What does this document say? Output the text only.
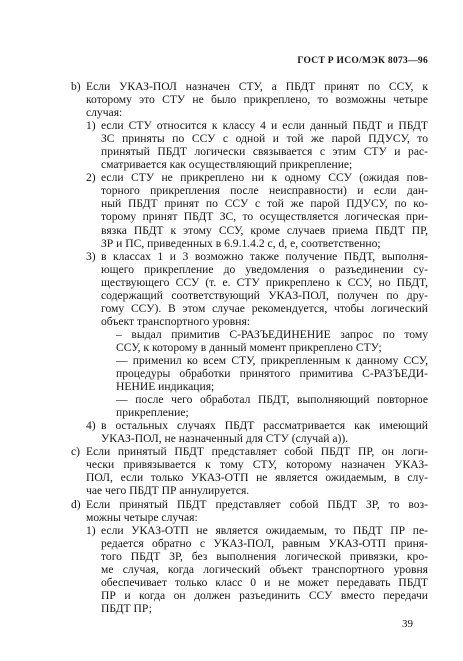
ГОСТ Р ИСО/МЭК 8073—96
b) Если УКАЗ-ПОЛ назначен СТУ, а ПБДТ принят по ССУ, к
которому это СТУ не было прикреплено, то возможны четыре
случая:
1) если СТУ относится к классу 4 и если данный ПБДТ и ПБДТ
ЗС приняты по ССУ с одной и той же парой ПДУСУ, то
принятый ПБДТ логически связывается с этим СТУ и рас-
сматривается как осуществляющий прикрепление;
2) если СТУ не прикреплено ни к одному ССУ (ожидая пов-
торного прикрепления после неисправности) и если дан-
ный ПБДТ принят по ССУ с той же парой ПДУСУ, по ко-
торому принят ПБДТ ЗС, то осуществляется логическая при-
вязка ПБДТ к этому ССУ, кроме случаев приема ПБДТ ПР,
ЗР и ПС, приведенных в 6.9.1.4.2 с, d, е, соответственно;
3) в классах 1 и 3 возможно также получение ПБДТ, выполня-
ющего прикрепление до уведомления о разъединении су-
ществующего ССУ (т. е. СТУ прикреплено к ССУ, но ПБДТ,
содержащий соответствующий УКАЗ-ПОЛ, получен по дру-
гому ССУ). В этом случае рекомендуется, чтобы логический
объект транспортного уровня:
– выдал примитив С-РАЗЪЕДИНЕНИЕ запрос по тому
ССУ, к которому в данный момент прикреплено СТУ;
— применил ко всем СТУ, прикрепленным к данному ССУ,
процедуры обработки принятого примитива С-РАЗЪЕДИ-
НЕНИЕ индикация;
— после чего обработал ПБДТ, выполняющий повторное
прикрепление;
4) в остальных случаях ПБДТ рассматривается как имеющий
УКАЗ-ПОЛ, не назначенный для СТУ (случай а)).
с) Если принятый ПБДТ представляет собой ПБДТ ПР, он логи-
чески привязывается к тому СТУ, которому назначен УКАЗ-
ПОЛ, если только УКАЗ-ОТП не является ожидаемым, в слу-
чае чего ПБДТ ПР аннулируется.
d) Если принятый ПБДТ представляет собой ПБДТ ЗР, то воз-
можны четыре случая:
1) если УКАЗ-ОТП не является ожидаемым, то ПБДТ ПР пе-
редается обратно с УКАЗ-ПОЛ, равным УКАЗ-ОТП приня-
того ПБДТ ЗР, без выполнения логической привязки, кро-
ме случая, когда логический объект транспортного уровня
обеспечивает только класс 0 и не может передавать ПБДТ
ПР и когда он должен разъединить ССУ вместо передачи
ПБДТ ПР;
39
